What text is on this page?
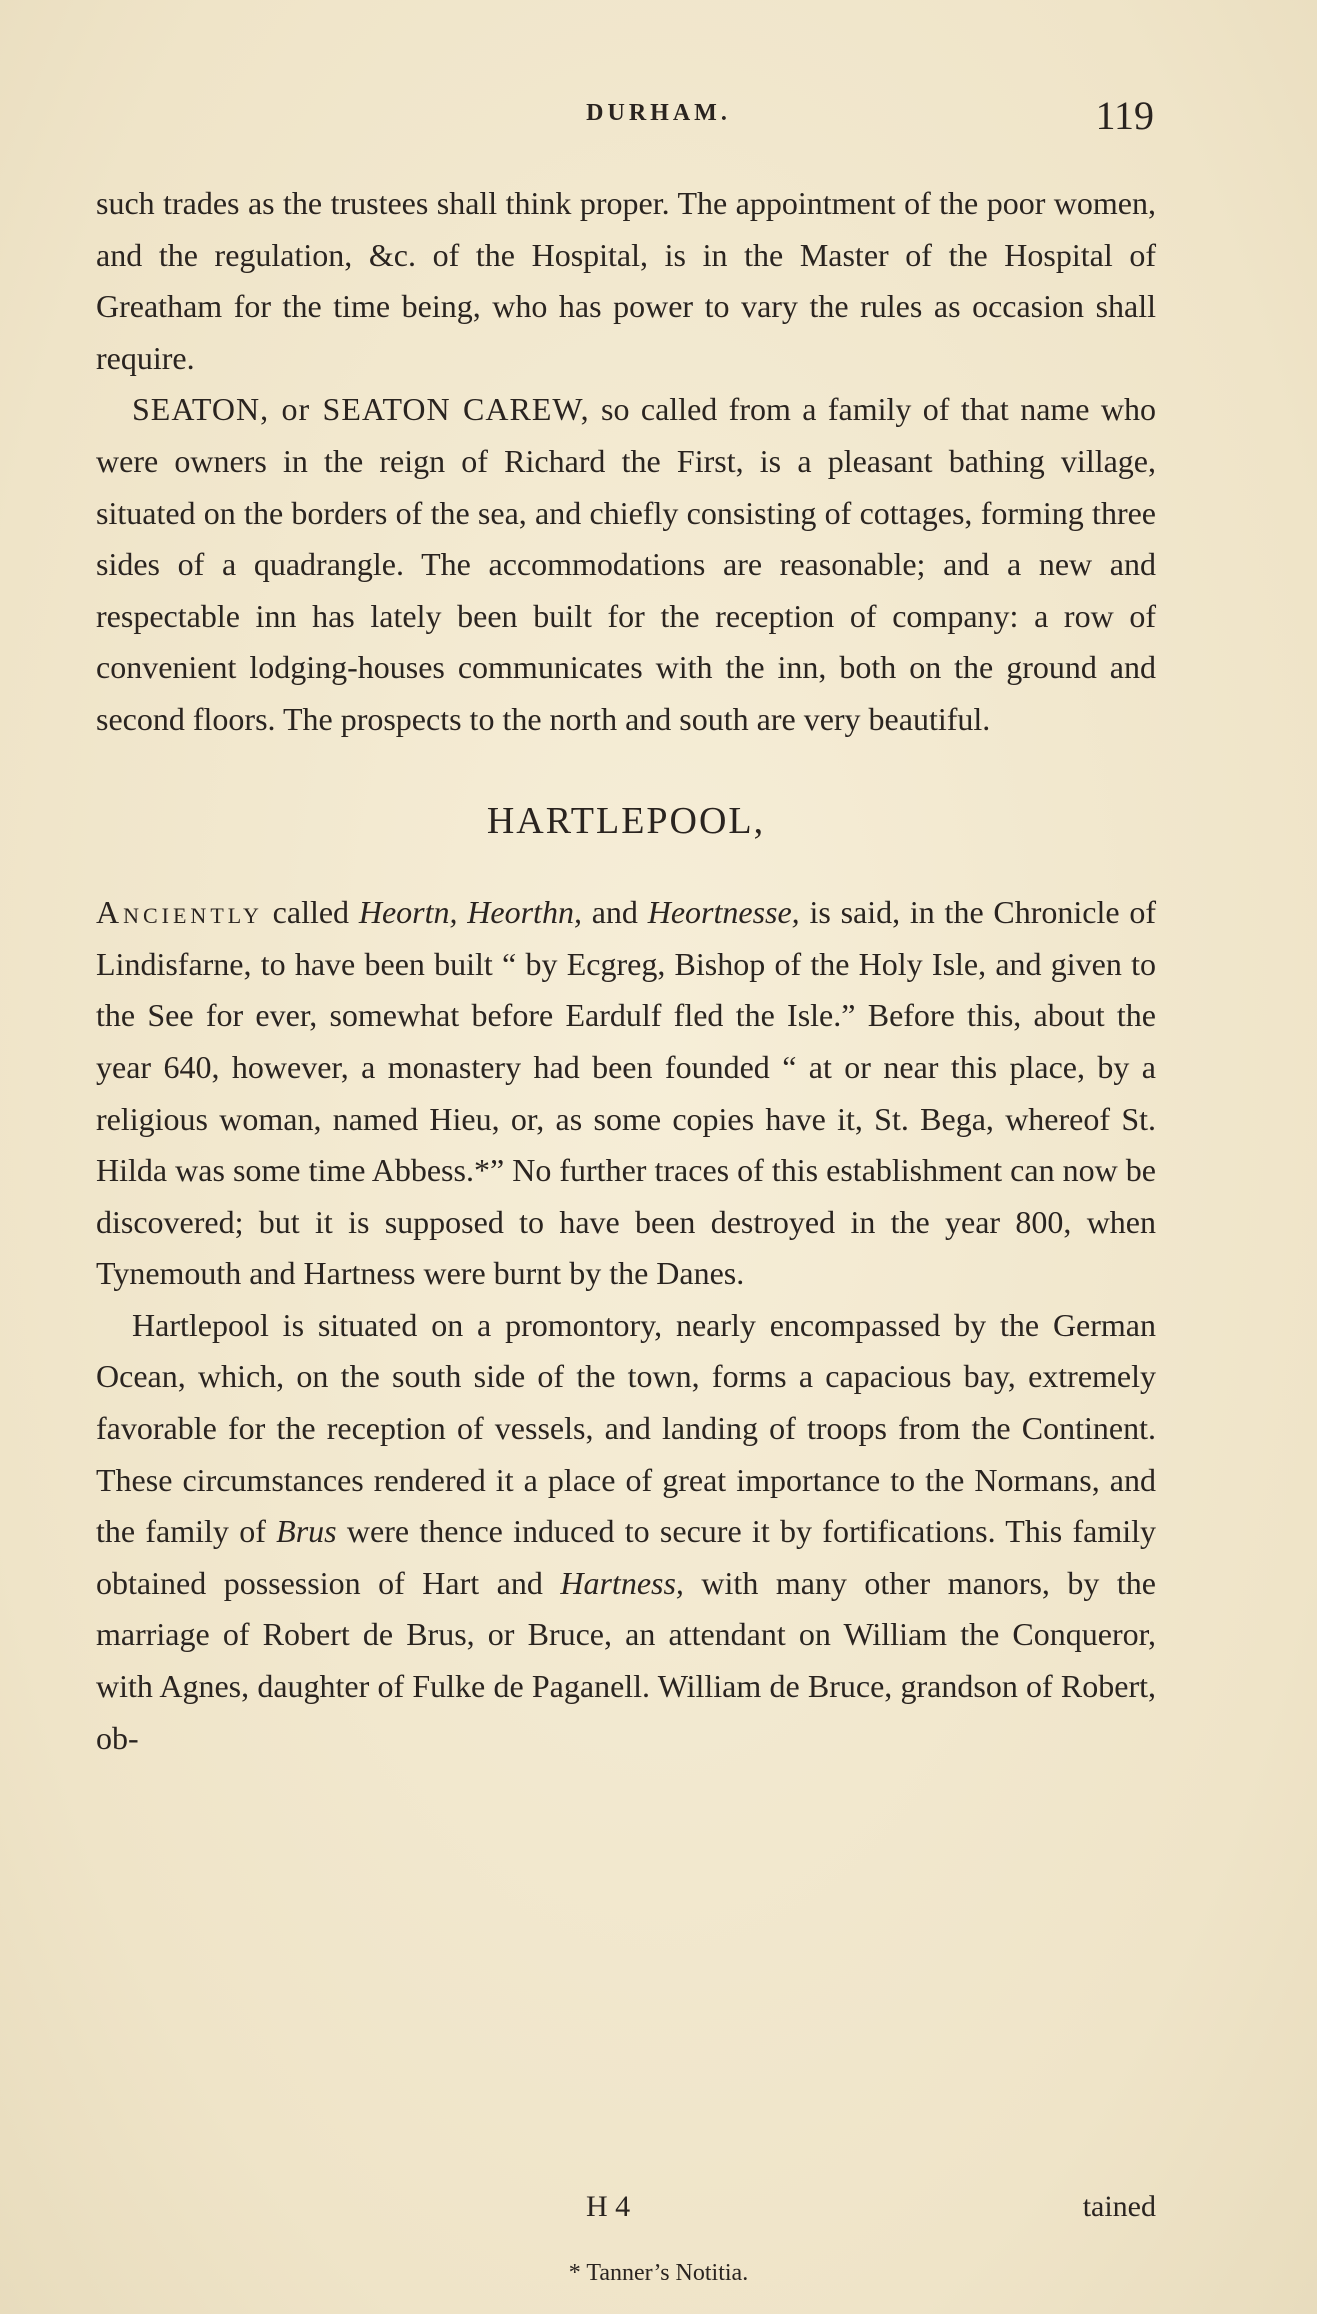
DURHAM.	119

such trades as the trustees shall think proper. The appointment of the poor women, and the regulation, &c. of the Hospital, is in the Master of the Hospital of Greatham for the time being, who has power to vary the rules as occasion shall require.

SEATON, or SEATON CAREW, so called from a family of that name who were owners in the reign of Richard the First, is a pleasant bathing village, situated on the borders of the sea, and chiefly consisting of cottages, forming three sides of a quadrangle. The accommodations are reasonable; and a new and respectable inn has lately been built for the reception of company: a row of convenient lodging-houses communicates with the inn, both on the ground and second floors. The prospects to the north and south are very beautiful.

HARTLEPOOL,

Anciently called Heortn, Heorthn, and Heortnesse, is said, in the Chronicle of Lindisfarne, to have been built “ by Ecgreg, Bishop of the Holy Isle, and given to the See for ever, somewhat before Eardulf fled the Isle.” Before this, about the year 640, however, a monastery had been founded “ at or near this place, by a religious woman, named Hieu, or, as some copies have it, St. Bega, whereof St. Hilda was some time Abbess.*” No further traces of this establishment can now be discovered; but it is supposed to have been destroyed in the year 800, when Tynemouth and Hartness were burnt by the Danes.

Hartlepool is situated on a promontory, nearly encompassed by the German Ocean, which, on the south side of the town, forms a capacious bay, extremely favorable for the reception of vessels, and landing of troops from the Continent. These circumstances rendered it a place of great importance to the Normans, and the family of Brus were thence induced to secure it by fortifications. This family obtained possession of Hart and Hartness, with many other manors, by the marriage of Robert de Brus, or Bruce, an attendant on William the Conqueror, with Agnes, daughter of Fulke de Paganell. William de Bruce, grandson of Robert, ob-

H 4	tained
* Tanner’s Notitia.
